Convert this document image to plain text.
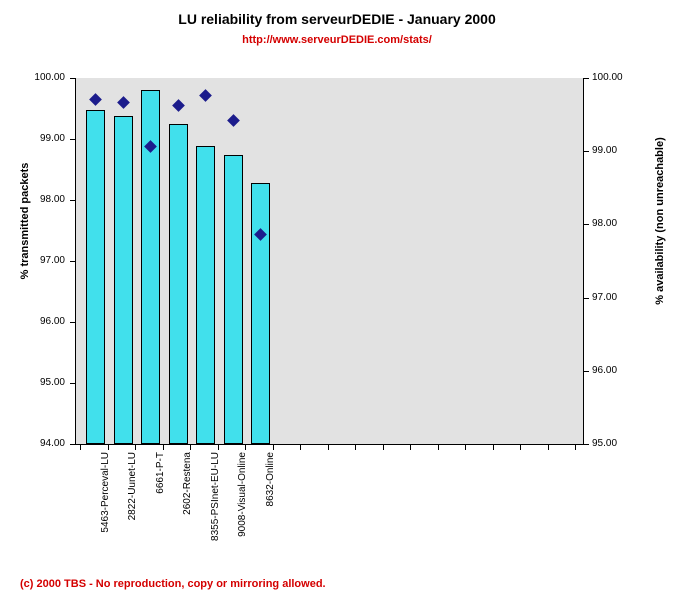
LU reliability from serveurDEDIE - January 2000
http://www.serveurDEDIE.com/stats/
94.00
95.00
96.00
97.00
98.00
99.00
100.00
95.00
96.00
97.00
98.00
99.00
100.00
5463-Perceval-LU 2822-Uunet-LU 6661-P-T 2602-Restena 8355-PSInet-EU-LU 9008-Visual-Online 8632-Online
% transmitted packets	% availability (non unreachable)
(c) 2000 TBS - No reproduction, copy or mirroring allowed.
